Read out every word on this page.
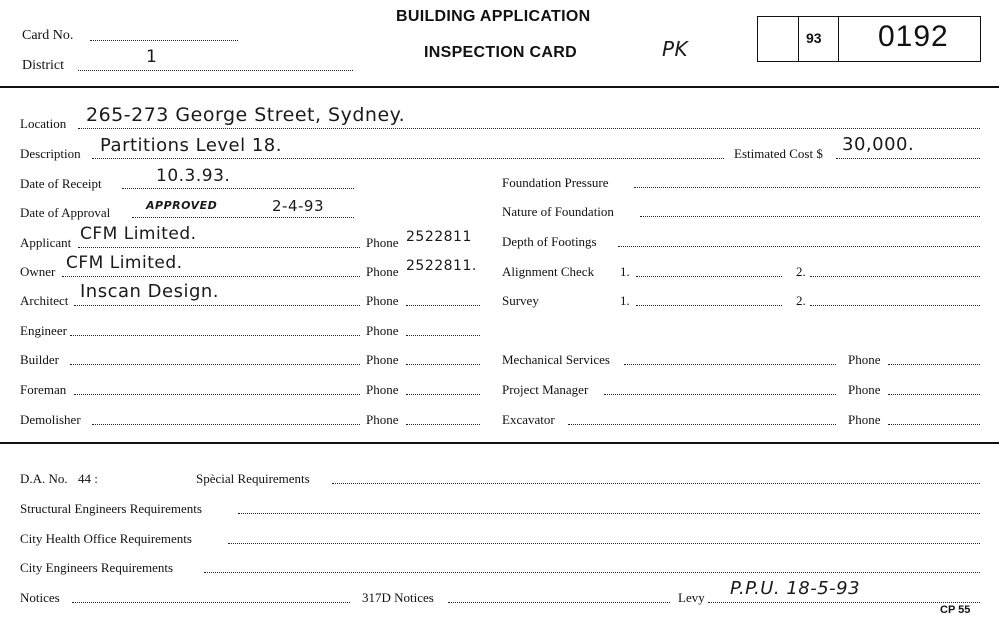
Card No.
District	1
BUILDING APPLICATION
INSPECTION CARD	PK	93 0192
Location 265-273 George Street, Sydney.
Description Partitions Level 18.	Estimated Cost $ 30,000.
Date of Receipt	10.3.93.	Foundation Pressure
Date of Approval	APPROVED	2-4-93	Nature of Foundation
Applicant CFM Limited.	Phone 2522811 Depth of Footings
Owner CFM Limited.	Phone 2522811. Alignment Check 1.	2.
Architect Inscan Design.	Phone	Survey	1.	2.
Engineer	Phone
Builder	Phone	Mechanical Services	Phone
Foreman	Phone	Project Manager	Phone
Demolisher	Phone	Excavator	Phone
D.A. No. 44 :	Spècial Requirements
Structural Engineers Requirements
City Health Office Requirements
City Engineers Requirements
Notices	317D Notices	Levy P.P.U. 18-5-93
CP 55
